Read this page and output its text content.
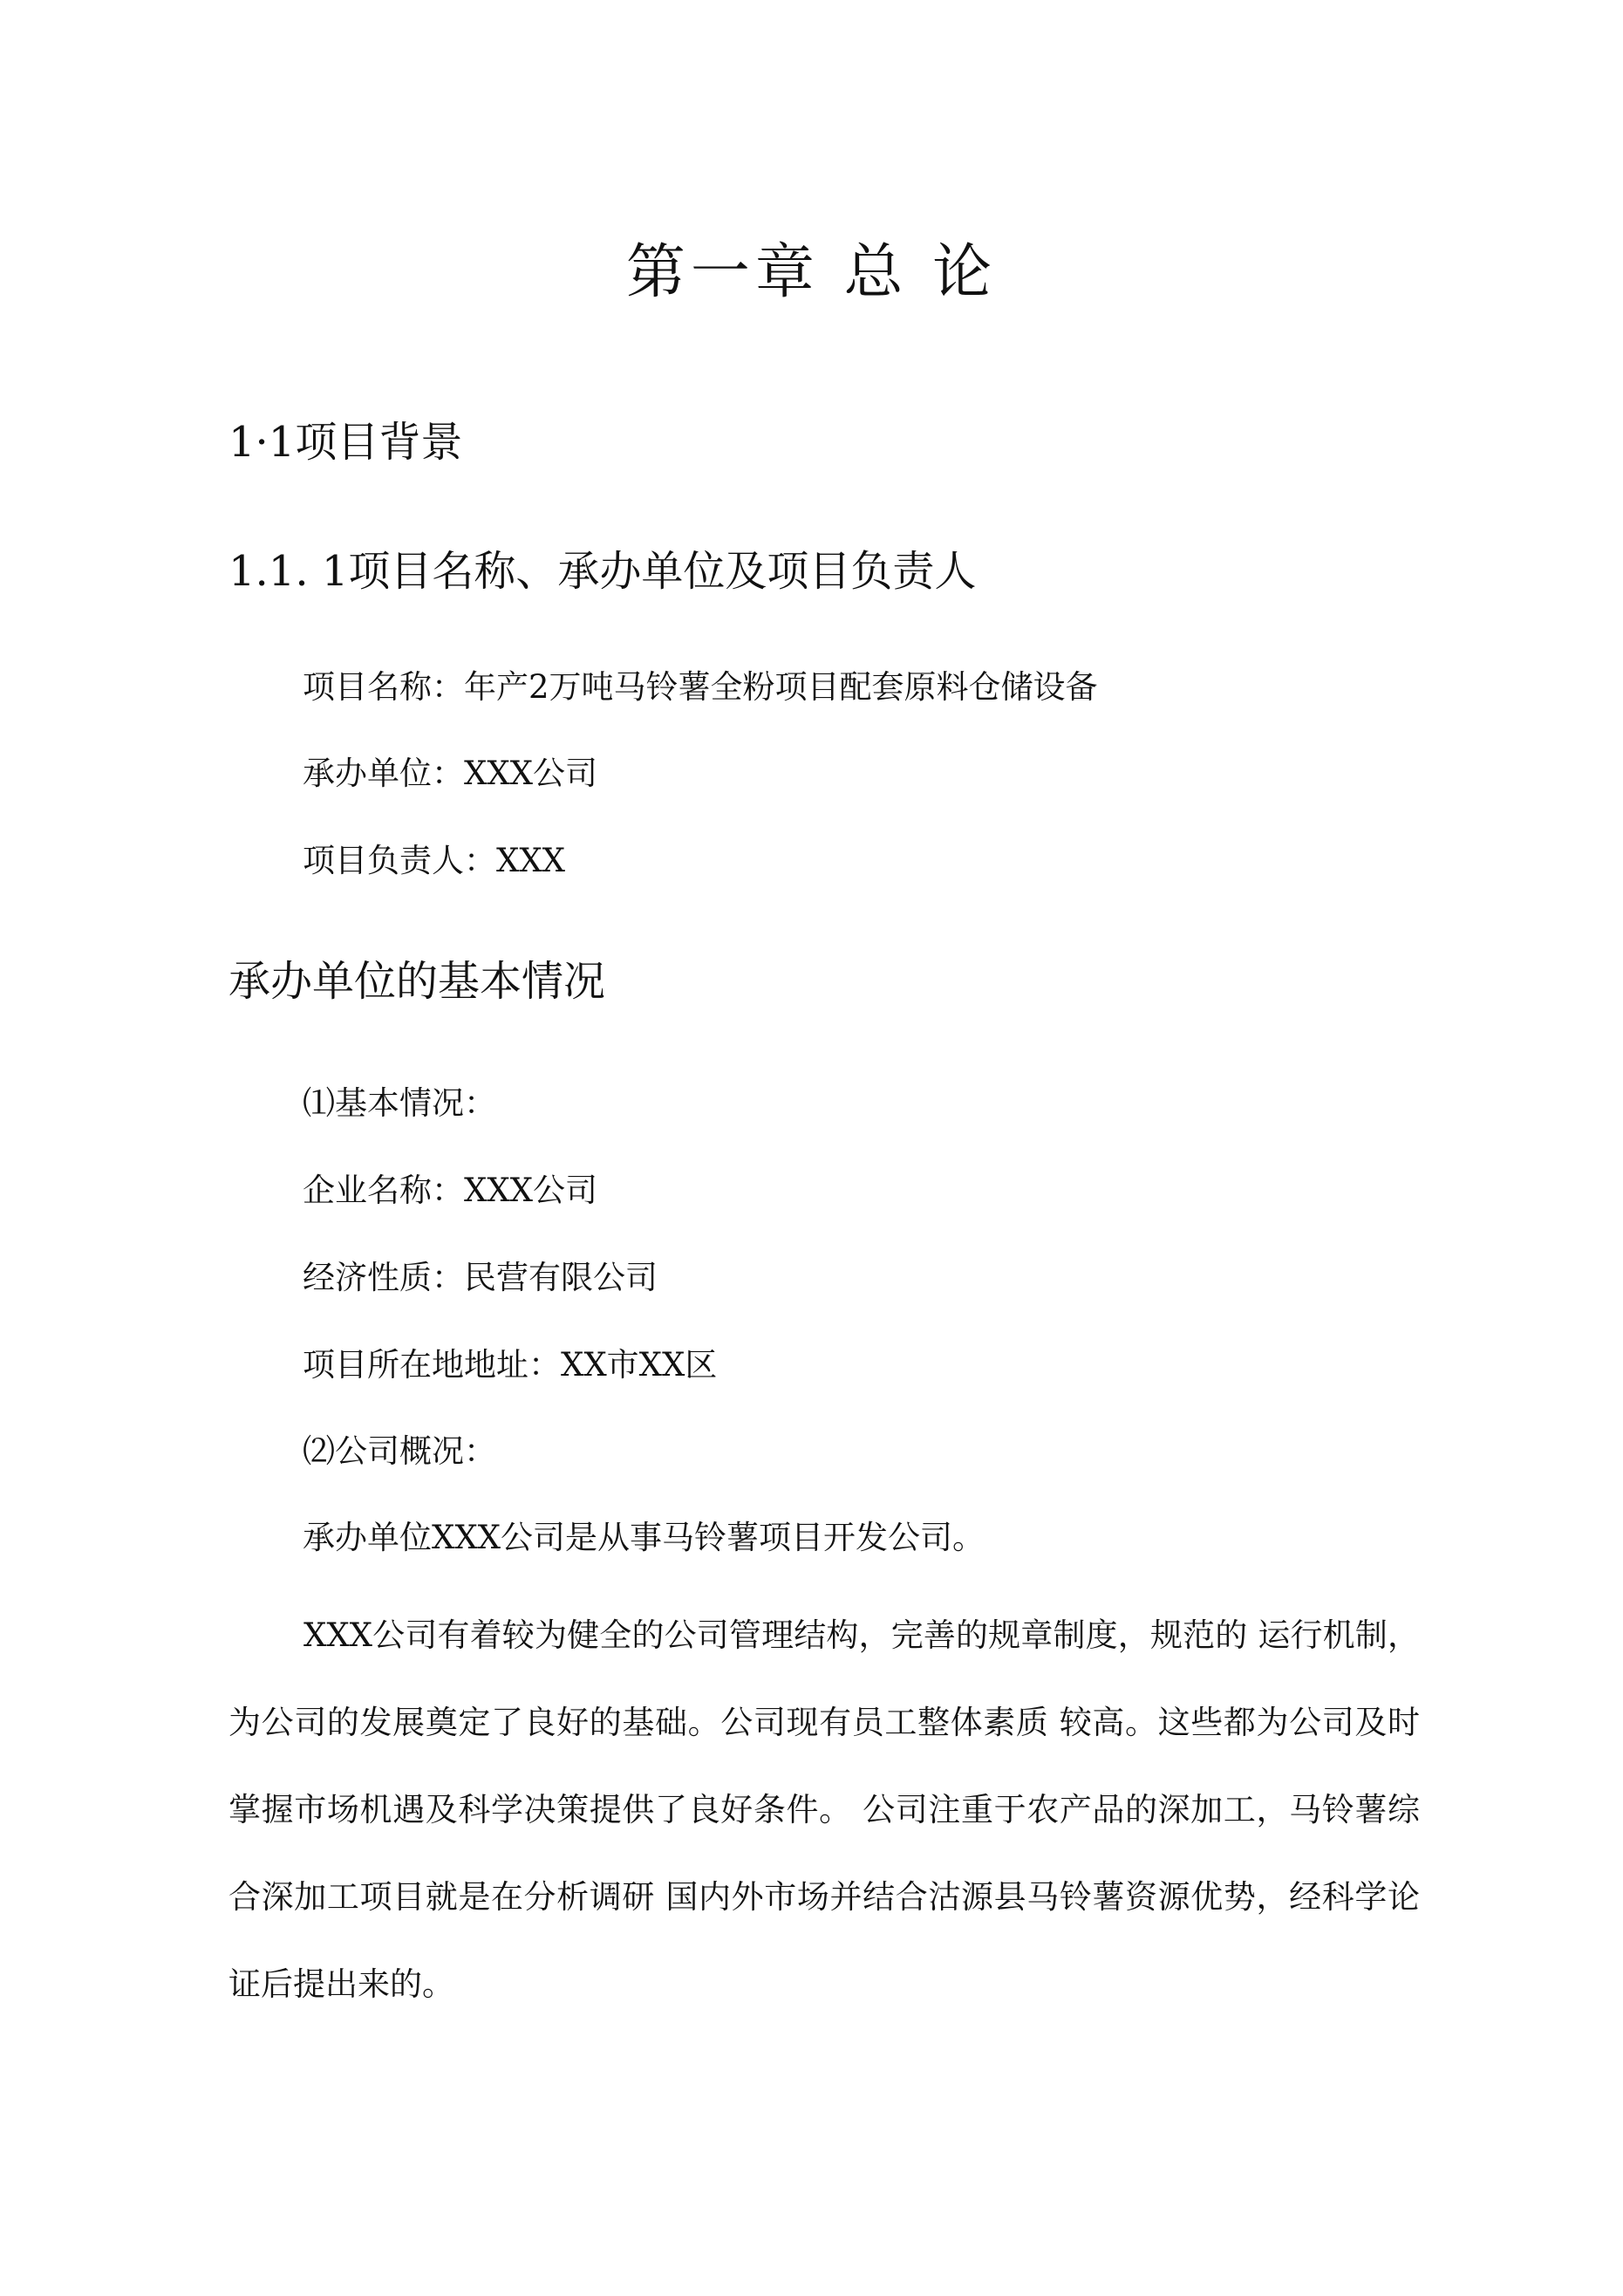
第一章 总 论
1·1项目背景
1.1. 1项目名称、承办单位及项目负责人

项目名称：年产2万吨马铃薯全粉项目配套原料仓储设备

承办单位：XXX公司

项目负责人：XXX

承办单位的基本情况

⑴基本情况：

企业名称：XXX公司

经济性质：民营有限公司

项目所在地地址：XX市XX区

⑵公司概况：

承办单位XXX公司是从事马铃薯项目开发公司。

XXX公司有着较为健全的公司管理结构，完善的规章制度，规范的 运行机制，为公司的发展奠定了良好的基础。公司现有员工整体素质 较高。这些都为公司及时掌握市场机遇及科学决策提供了良好条件。 公司注重于农产品的深加工，马铃薯综合深加工项目就是在分析调研 国内外市场并结合沽源县马铃薯资源优势，经科学论证后提出来的。
